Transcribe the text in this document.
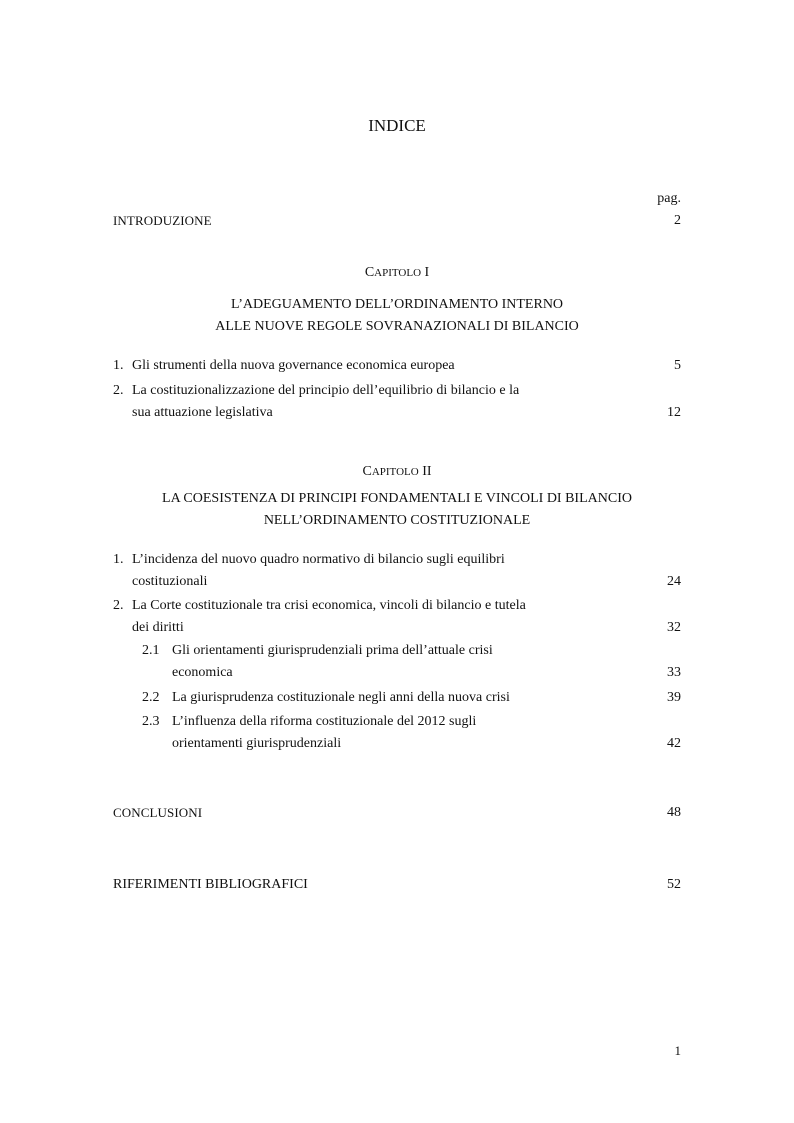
INDICE
pag.
INTRODUZIONE	2
CAPITOLO I
L’ADEGUAMENTO DELL’ORDINAMENTO INTERNO
ALLE NUOVE REGOLE SOVRANAZIONALI DI BILANCIO
1. Gli strumenti della nuova governance economica europea	5
2. La costituzionalizzazione del principio dell’equilibrio di bilancio e la
sua attuazione legislativa	12
CAPITOLO II
LA COESISTENZA DI PRINCIPI FONDAMENTALI E VINCOLI DI BILANCIO
NELL’ORDINAMENTO COSTITUZIONALE
1. L’incidenza del nuovo quadro normativo di bilancio sugli equilibri
costituzionali	24
2. La Corte costituzionale tra crisi economica, vincoli di bilancio e tutela
dei diritti	32
2.1 Gli orientamenti giurisprudenziali prima dell’attuale crisi
economica	33
2.2 La giurisprudenza costituzionale negli anni della nuova crisi	39
2.3 L’influenza della riforma costituzionale del 2012 sugli
orientamenti giurisprudenziali	42
CONCLUSIONI	48
RIFERIMENTI BIBLIOGRAFICI	52
1
